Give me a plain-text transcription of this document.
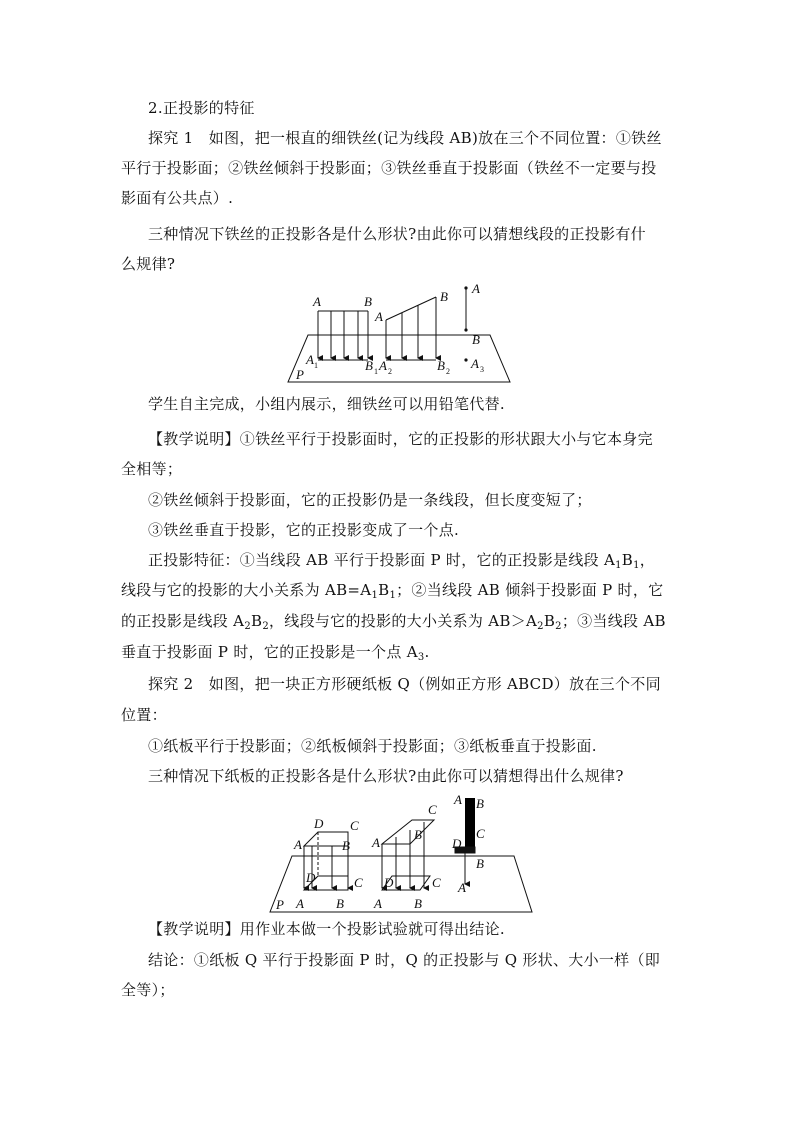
2.正投影的特征
探究 1　如图，把一根直的细铁丝(记为线段 AB)放在三个不同位置：①铁丝
平行于投影面；②铁丝倾斜于投影面；③铁丝垂直于投影面（铁丝不一定要与投
影面有公共点）.
三种情况下铁丝的正投影各是什么形状?由此你可以猜想线段的正投影有什
么规律?
A	B
A 1	B 1
A
B
A 2	B 2
A
B
A 3
P
学生自主完成，小组内展示，细铁丝可以用铅笔代替.
【教学说明】①铁丝平行于投影面时，它的正投影的形状跟大小与它本身完
全相等；
②铁丝倾斜于投影面，它的正投影仍是一条线段，但长度变短了；
③铁丝垂直于投影，它的正投影变成了一个点.
正投影特征：①当线段 AB 平行于投影面 P 时，它的正投影是线段 $A_1B_1$，
线段与它的投影的大小关系为 $AB=A_1B_1$；②当线段 AB 倾斜于投影面 P 时，它
的正投影是线段 $A_2B_2$，线段与它的投影的大小关系为 $AB>A_2B_2$；③当线段 AB
垂直于投影面 P 时，它的正投影是一个点 $A_3$.
探究 2　如图，把一块正方形硬纸板 Q（例如正方形 ABCD）放在三个不同
位置：
①纸板平行于投影面；②纸板倾斜于投影面；③纸板垂直于投影面.
三种情况下纸板的正投影各是什么形状?由此你可以猜想得出什么规律?
D C
A	B
D	C
A B
A
B
C
D	C
A B
A B
D
C
B
A
P
【教学说明】用作业本做一个投影试验就可得出结论.
结论：①纸板 Q 平行于投影面 P 时，Q 的正投影与 Q 形状、大小一样（即
全等）；
